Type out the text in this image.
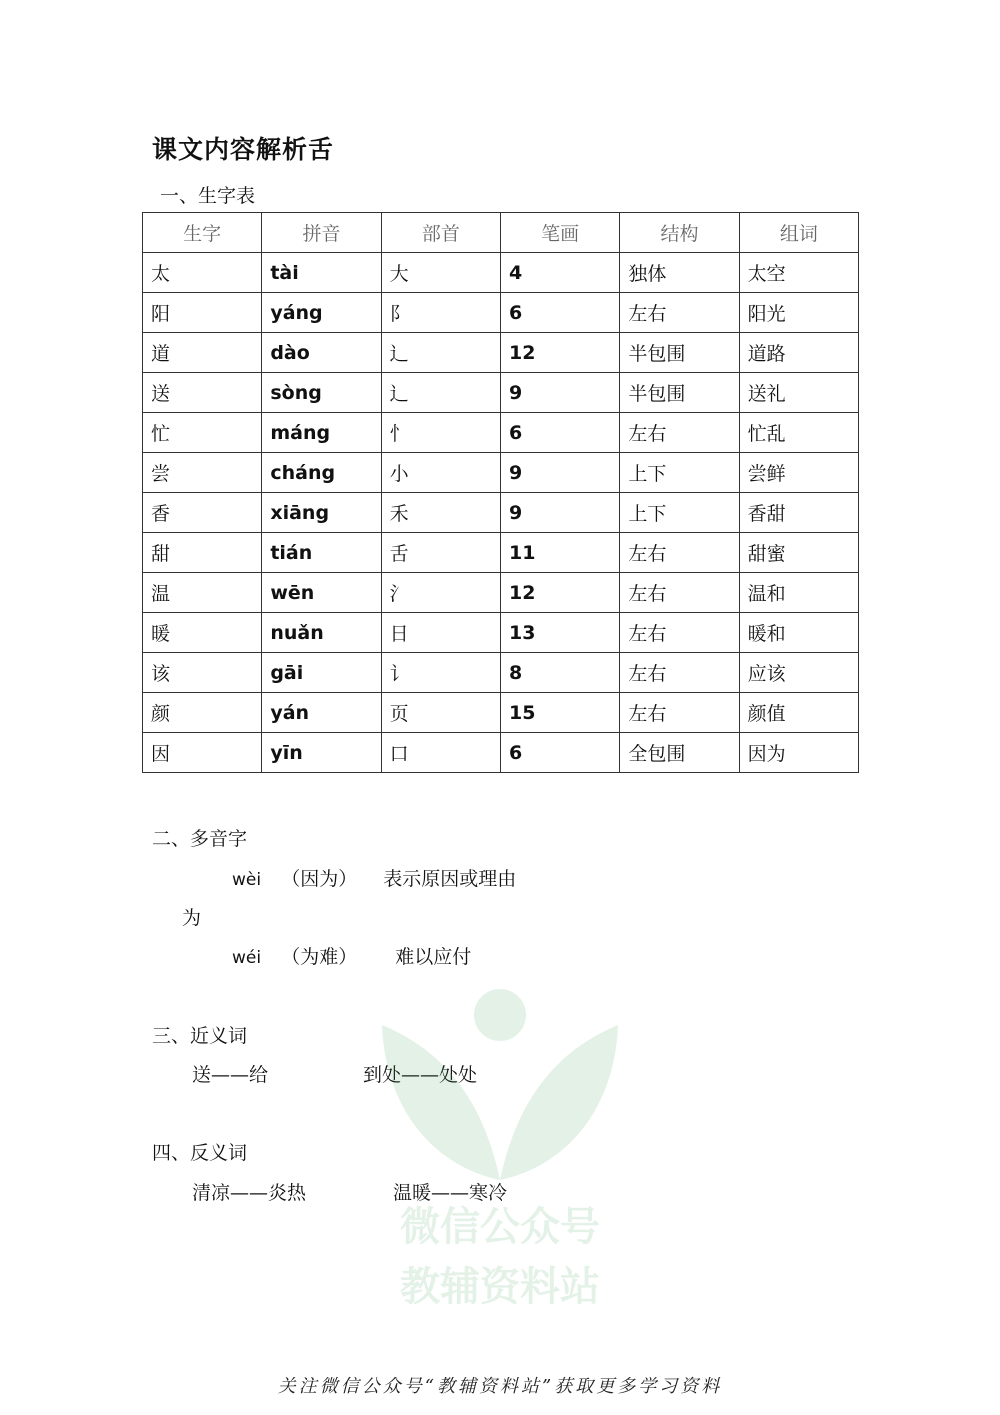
课文内容解析舌
一、生字表
生字	拼音	部首	笔画	结构	组词
太	tài	大	4	独体	太空
阳	yáng	阝	6	左右	阳光
道	dào	辶	12	半包围	道路
送	sòng	辶	9	半包围	送礼
忙	máng	忄	6	左右	忙乱
尝	cháng	小	9	上下	尝鲜
香	xiāng	禾	9	上下	香甜
甜	tián	舌	11	左右	甜蜜
温	wēn	氵	12	左右	温和
暖	nuǎn	日	13	左右	暖和
该	gāi	讠	8	左右	应该
颜	yán	页	15	左右	颜值
因	yīn	口	6	全包围	因为
二、多音字
wèi （因为） 表示原因或理由
为
wéi （为难） 难以应付
三、近义词
送——给	到处——处处
四、反义词
清凉——炎热	温暖——寒冷
微信公众号
教辅资料站
关注微信公众号“教辅资料站”获取更多学习资料
